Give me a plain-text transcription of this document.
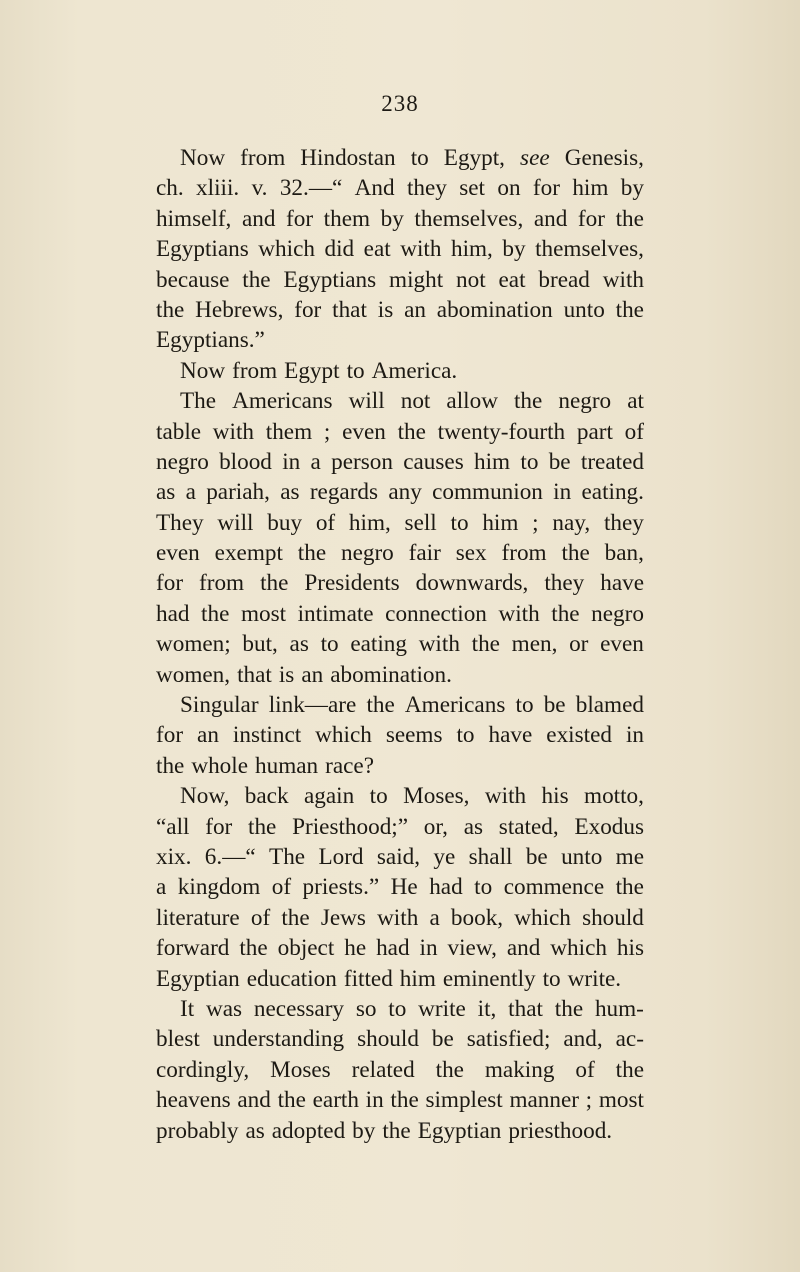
238
Now from Hindostan to Egypt, see Genesis,
ch. xliii. v. 32.—“ And they set on for him by
himself, and for them by themselves, and for the
Egyptians which did eat with him, by themselves,
because the Egyptians might not eat bread with
the Hebrews, for that is an abomination unto the
Egyptians.”
Now from Egypt to America.
The Americans will not allow the negro at
table with them ; even the twenty-fourth part of
negro blood in a person causes him to be treated
as a pariah, as regards any communion in eating.
They will buy of him, sell to him ; nay, they
even exempt the negro fair sex from the ban,
for from the Presidents downwards, they have
had the most intimate connection with the negro
women; but, as to eating with the men, or even
women, that is an abomination.
Singular link—are the Americans to be blamed
for an instinct which seems to have existed in
the whole human race?
Now, back again to Moses, with his motto,
“all for the Priesthood;” or, as stated, Exodus
xix. 6.—“ The Lord said, ye shall be unto me
a kingdom of priests.” He had to commence the
literature of the Jews with a book, which should
forward the object he had in view, and which his
Egyptian education fitted him eminently to write.
It was necessary so to write it, that the hum-
blest understanding should be satisfied; and, ac-
cordingly, Moses related the making of the
heavens and the earth in the simplest manner ; most
probably as adopted by the Egyptian priesthood.
